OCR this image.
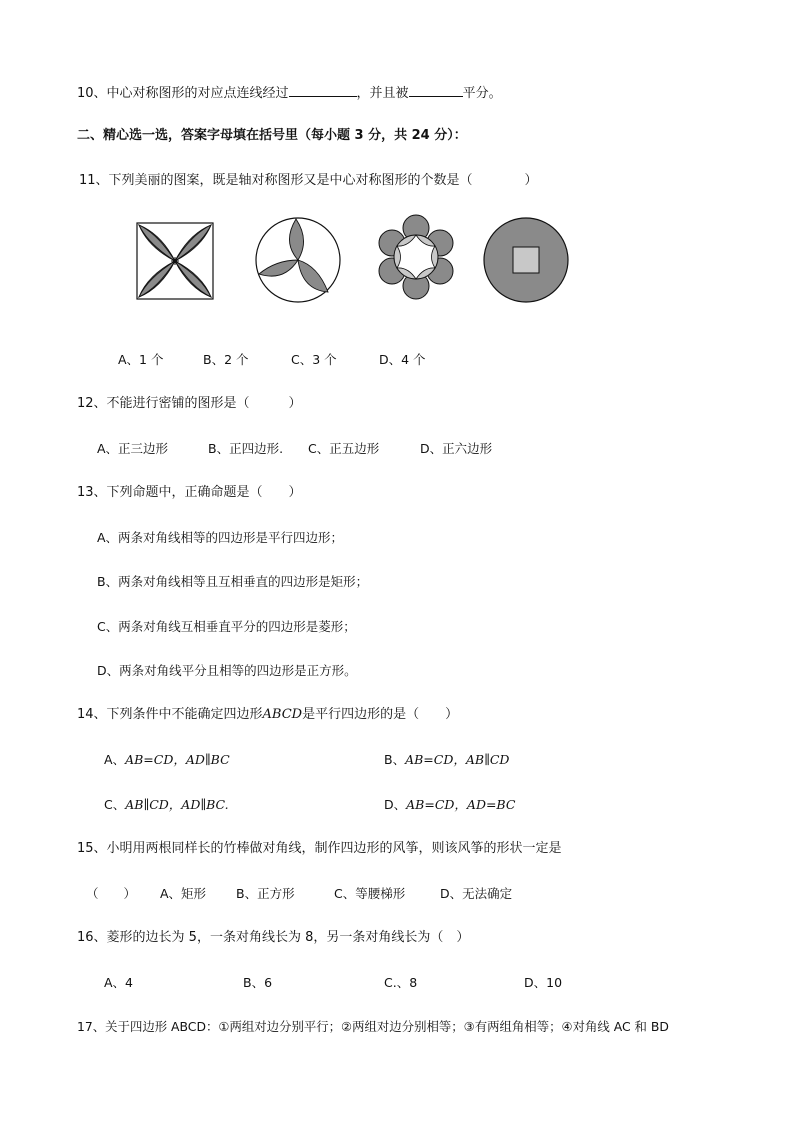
10、中心对称图形的对应点连线经过	，并且被	平分。
二、精心选一选，答案字母填在括号里（每小题 3 分，共 24 分）：
11、下列美丽的图案，既是轴对称图形又是中心对称图形的个数是（　　　　）
A、1 个	B、2 个	C、3 个	D、4 个
12、不能进行密铺的图形是（　　　）
A、正三边形	B、正四边形. C、正五边形	D、正六边形
13、下列命题中，正确命题是（　　）
A、两条对角线相等的四边形是平行四边形；
B、两条对角线相等且互相垂直的四边形是矩形；
C、两条对角线互相垂直平分的四边形是菱形；
D、两条对角线平分且相等的四边形是正方形。
14、下列条件中不能确定四边形ABCD是平行四边形的是（　　）
A、AB=CD，AD∥BC	B、AB=CD，AB∥CD
C、AB∥CD，AD∥BC.	D、AB=CD，AD=BC
15、小明用两根同样长的竹棒做对角线，制作四边形的风筝，则该风筝的形状一定是
（　　） A、矩形 B、正方形	C、等腰梯形	D、无法确定
16、菱形的边长为 5，一条对角线长为 8，另一条对角线长为（　）
A、4	B、6	C.、8	D、10
17、关于四边形 ABCD：①两组对边分别平行；②两组对边分别相等；③有两组角相等；④对角线 AC 和 BD
